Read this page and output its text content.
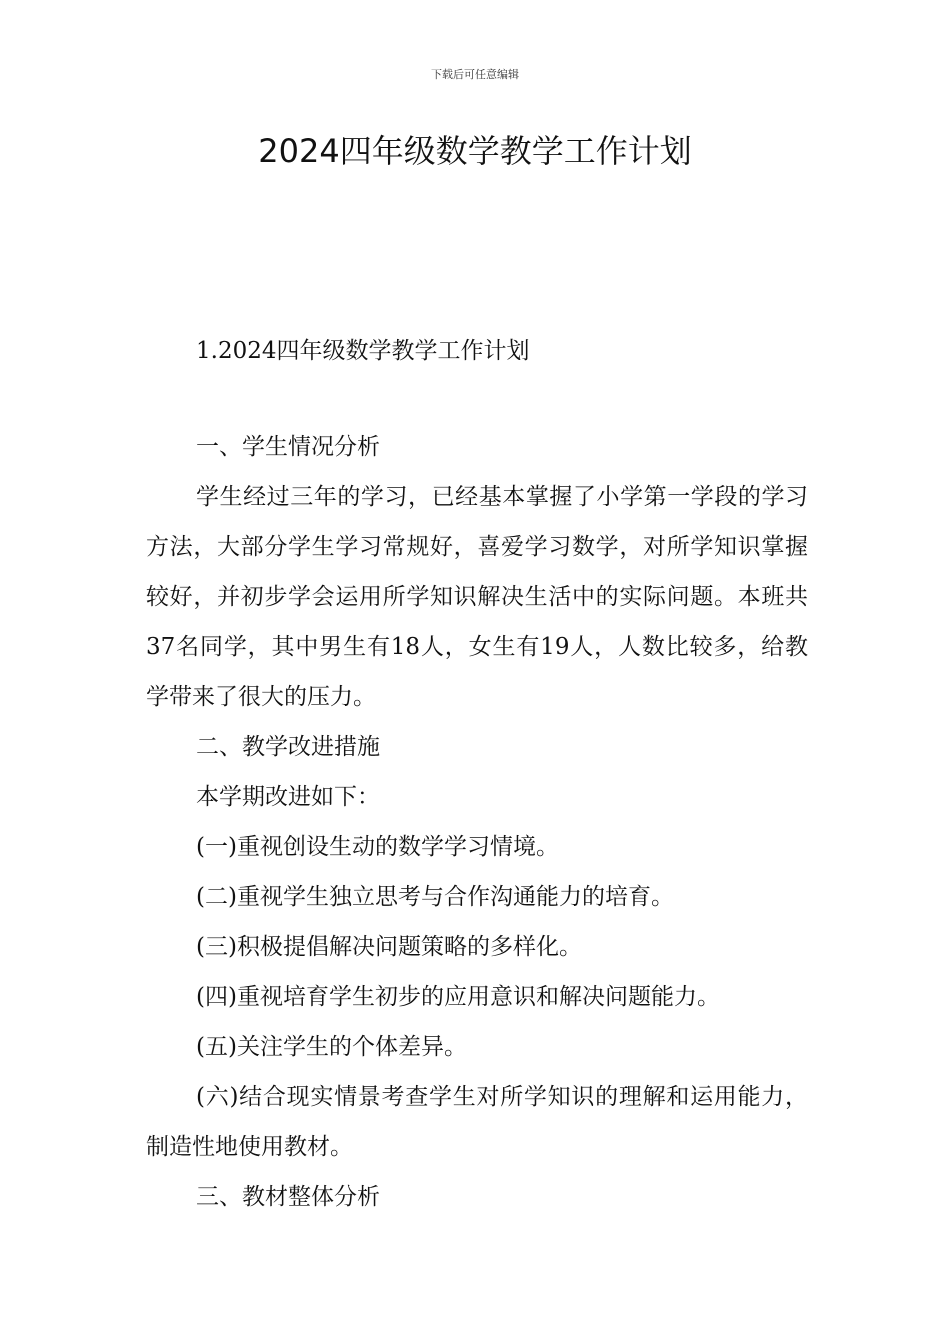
下载后可任意编辑
2024四年级数学教学工作计划
1.2024四年级数学教学工作计划
一、学生情况分析
学生经过三年的学习，已经基本掌握了小学第一学段的学习方法，大部分学生学习常规好，喜爱学习数学，对所学知识掌握较好，并初步学会运用所学知识解决生活中的实际问题。本班共37名同学，其中男生有18人，女生有19人，人数比较多，给教学带来了很大的压力。
二、教学改进措施
本学期改进如下：
(一)重视创设生动的数学学习情境。
(二)重视学生独立思考与合作沟通能力的培育。
(三)积极提倡解决问题策略的多样化。
(四)重视培育学生初步的应用意识和解决问题能力。
(五)关注学生的个体差异。
(六)结合现实情景考查学生对所学知识的理解和运用能力，制造性地使用教材。
三、教材整体分析
